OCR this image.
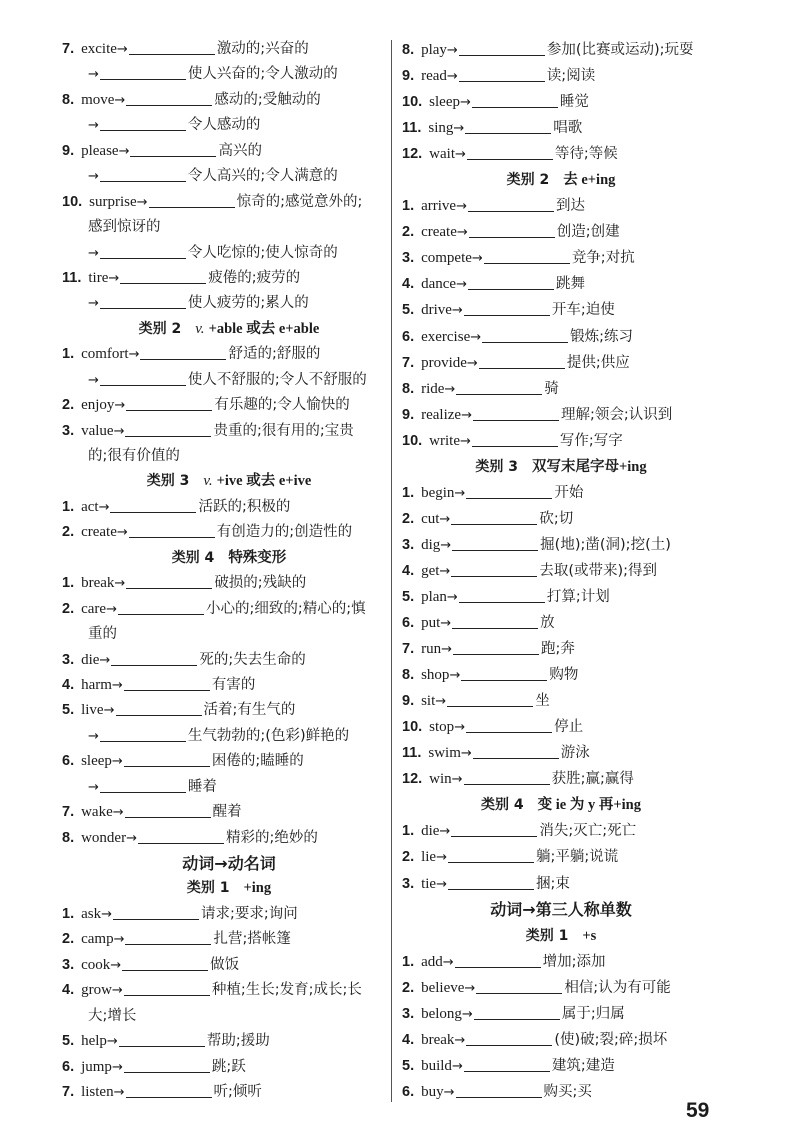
7. excite→	激动的;兴奋的
→	使人兴奋的;令人激动的
8. move→	感动的;受触动的
→	令人感动的
9. please→	高兴的
→	令人高兴的;令人满意的
10. surprise→	惊奇的;感觉意外的;
感到惊讶的
→	令人吃惊的;使人惊奇的
11. tire→	疲倦的;疲劳的
→	使人疲劳的;累人的
类别 2 v. +able 或去 e+able
1. comfort→	舒适的;舒服的
→	使人不舒服的;令人不舒服的
2. enjoy→	有乐趣的;令人愉快的
3. value→	贵重的;很有用的;宝贵
的;很有价值的
类别 3 v. +ive 或去 e+ive
1. act→	活跃的;积极的
2. create→	有创造力的;创造性的
类别 4 特殊变形
1. break→	破损的;残缺的
2. care→	小心的;细致的;精心的;慎
重的
3. die→	死的;失去生命的
4. harm→	有害的
5. live→	活着;有生气的
→	生气勃勃的;(色彩)鲜艳的
6. sleep→	困倦的;瞌睡的
→	睡着
7. wake→	醒着
8. wonder→	精彩的;绝妙的
动词→动名词
类别 1 +ing
1. ask→	请求;要求;询问
2. camp→	扎营;搭帐篷
3. cook→	做饭
4. grow→	种植;生长;发育;成长;长
大;增长
5. help→	帮助;援助
6. jump→	跳;跃
7. listen→	听;倾听
8. play→	参加(比赛或运动);玩耍
9. read→	读;阅读
10. sleep→	睡觉
11. sing→	唱歌
12. wait→	等待;等候
类别 2 去 e+ing
1. arrive→	到达
2. create→	创造;创建
3. compete→	竞争;对抗
4. dance→	跳舞
5. drive→	开车;迫使
6. exercise→	锻炼;练习
7. provide→	提供;供应
8. ride→	骑
9. realize→	理解;领会;认识到
10. write→	写作;写字
类别 3 双写末尾字母+ing
1. begin→	开始
2. cut→	砍;切
3. dig→	掘(地);凿(洞);挖(土)
4. get→	去取(或带来);得到
5. plan→	打算;计划
6. put→	放
7. run→	跑;奔
8. shop→	购物
9. sit→	坐
10. stop→	停止
11. swim→	游泳
12. win→	获胜;赢;赢得
类别 4 变 ie 为 y 再+ing
1. die→	消失;灭亡;死亡
2. lie→	躺;平躺;说谎
3. tie→	捆;束
动词→第三人称单数
类别 1 +s
1. add→	增加;添加
2. believe→	相信;认为有可能
3. belong→	属于;归属
4. break→	(使)破;裂;碎;损坏
5. build→	建筑;建造
6. buy→	购买;买
59
